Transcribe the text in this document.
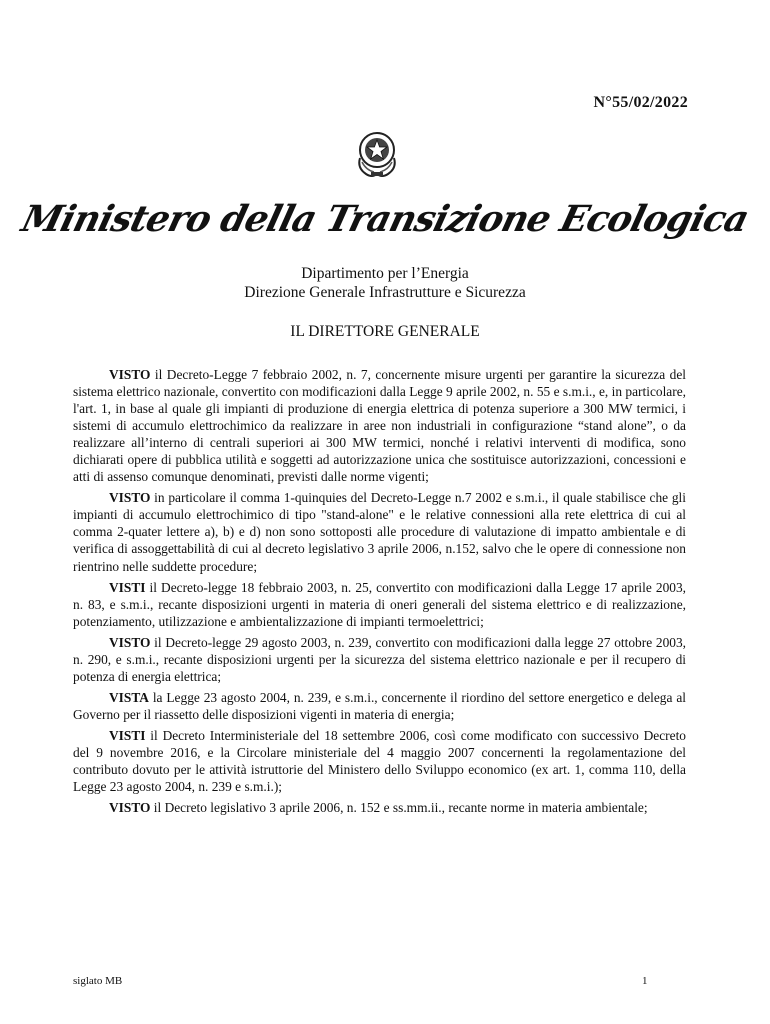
N°55/02/2022
Ministero della Transizione Ecologica
Dipartimento per l’Energia
Direzione Generale Infrastrutture e Sicurezza
IL DIRETTORE GENERALE

VISTO il Decreto-Legge 7 febbraio 2002, n. 7, concernente misure urgenti per garantire la sicurezza del sistema elettrico nazionale, convertito con modificazioni dalla Legge 9 aprile 2002, n. 55 e s.m.i., e, in particolare, l'art. 1, in base al quale gli impianti di produzione di energia elettrica di potenza superiore a 300 MW termici, i sistemi di accumulo elettrochimico da realizzare in aree non industriali in configurazione “stand alone”, o da realizzare all’interno di centrali superiori ai 300 MW termici, nonché i relativi interventi di modifica, sono dichiarati opere di pubblica utilità e soggetti ad autorizzazione unica che sostituisce autorizzazioni, concessioni e atti di assenso comunque denominati, previsti dalle norme vigenti;

VISTO in particolare il comma 1-quinquies del Decreto-Legge n.7 2002 e s.m.i., il quale stabilisce che gli impianti di accumulo elettrochimico di tipo "stand-alone" e le relative connessioni alla rete elettrica di cui al comma 2-quater lettere a), b) e d) non sono sottoposti alle procedure di valutazione di impatto ambientale e di verifica di assoggettabilità di cui al decreto legislativo 3 aprile 2006, n.152, salvo che le opere di connessione non rientrino nelle suddette procedure;

VISTI il Decreto-legge 18 febbraio 2003, n. 25, convertito con modificazioni dalla Legge 17 aprile 2003, n. 83, e s.m.i., recante disposizioni urgenti in materia di oneri generali del sistema elettrico e di realizzazione, potenziamento, utilizzazione e ambientalizzazione di impianti termoelettrici;

VISTO il Decreto-legge 29 agosto 2003, n. 239, convertito con modificazioni dalla legge 27 ottobre 2003, n. 290, e s.m.i., recante disposizioni urgenti per la sicurezza del sistema elettrico nazionale e per il recupero di potenza di energia elettrica;

VISTA la Legge 23 agosto 2004, n. 239, e s.m.i., concernente il riordino del settore energetico e delega al Governo per il riassetto delle disposizioni vigenti in materia di energia;

VISTI il Decreto Interministeriale del 18 settembre 2006, così come modificato con successivo Decreto del 9 novembre 2016, e la Circolare ministeriale del 4 maggio 2007 concernenti la regolamentazione del contributo dovuto per le attività istruttorie del Ministero dello Sviluppo economico (ex art. 1, comma 110, della Legge 23 agosto 2004, n. 239 e s.m.i.);

VISTO il Decreto legislativo 3 aprile 2006, n. 152 e ss.mm.ii., recante norme in materia ambientale;

siglato MB	1
